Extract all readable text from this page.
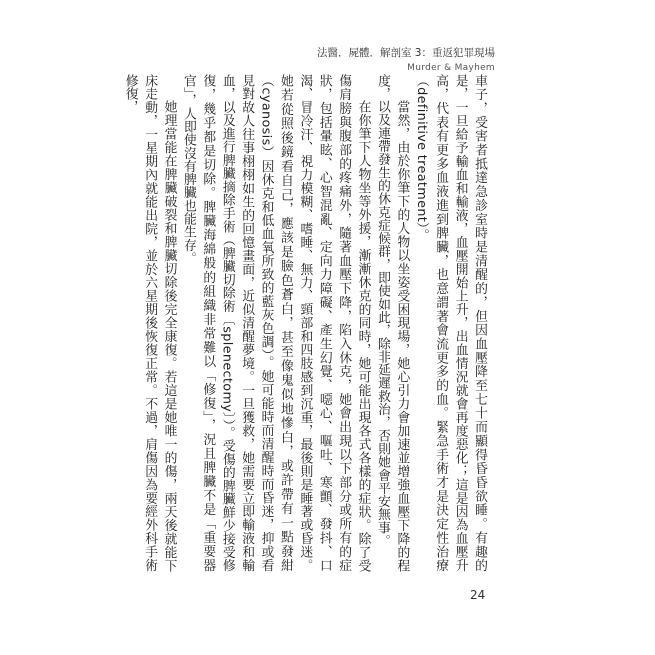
法醫．屍體．解剖室 3：重返犯罪現場
Murder & Mayhem

車子，受害者抵達急診室時是清醒的，但因血壓降至七十而顯得昏昏欲睡。有趣的是，一旦給予輸血和輸液，血壓開始上升，出血情況就會再度惡化；這是因為血壓升高，代表有更多血液進到脾臟，也意謂著會流更多的血。緊急手術才是決定性治療（definitive treatment）。

當然，由於你筆下的人物以坐姿受困現場，她心引力會加速並增強血壓下降的程度，以及連帶發生的休克症候群，即使如此，除非延遲救治，否則她會平安無事。

在你筆下人物坐等外援，漸漸休克的同時，她可能出現各式各樣的症狀。除了受傷肩膀與腹部的疼痛外，隨著血壓下降，陷入休克，她會出現以下部分或所有的症狀，包括暈眩、心智混亂、定向力障礙、產生幻覺、噁心、嘔吐、寒顫、發抖、口渴、冒冷汗、視力模糊、嗜睡、無力、頸部和四肢感到沉重，最後則是睡著或昏迷。她若從照後鏡看自己，應該是臉色蒼白，甚至像鬼似地慘白，或許帶有一點發紺（cyanosis）因休克和低血氧所致的藍灰色調）。她可能時而清醒時而昏迷，抑或看見對故人往事栩栩如生的回憶畫面，近似清醒夢境。一旦獲救，她需要立即輸液和輸血，以及進行脾臟摘除手術（脾臟切除術〔splenectomy〕）。受傷的脾臟鮮少接受修復，幾乎都是切除。脾臟海綿般的組織非常難以「修復」，況且脾臟不是「重要器官」，人即使沒有脾臟也能生存。

她理當能在脾臟破裂和脾臟切除後完全康復。若這是她唯一的傷，兩天後就能下床走動，一星期內就能出院，並於六星期後恢復正常。不過，肩傷因為要經外科手術修復，

24
